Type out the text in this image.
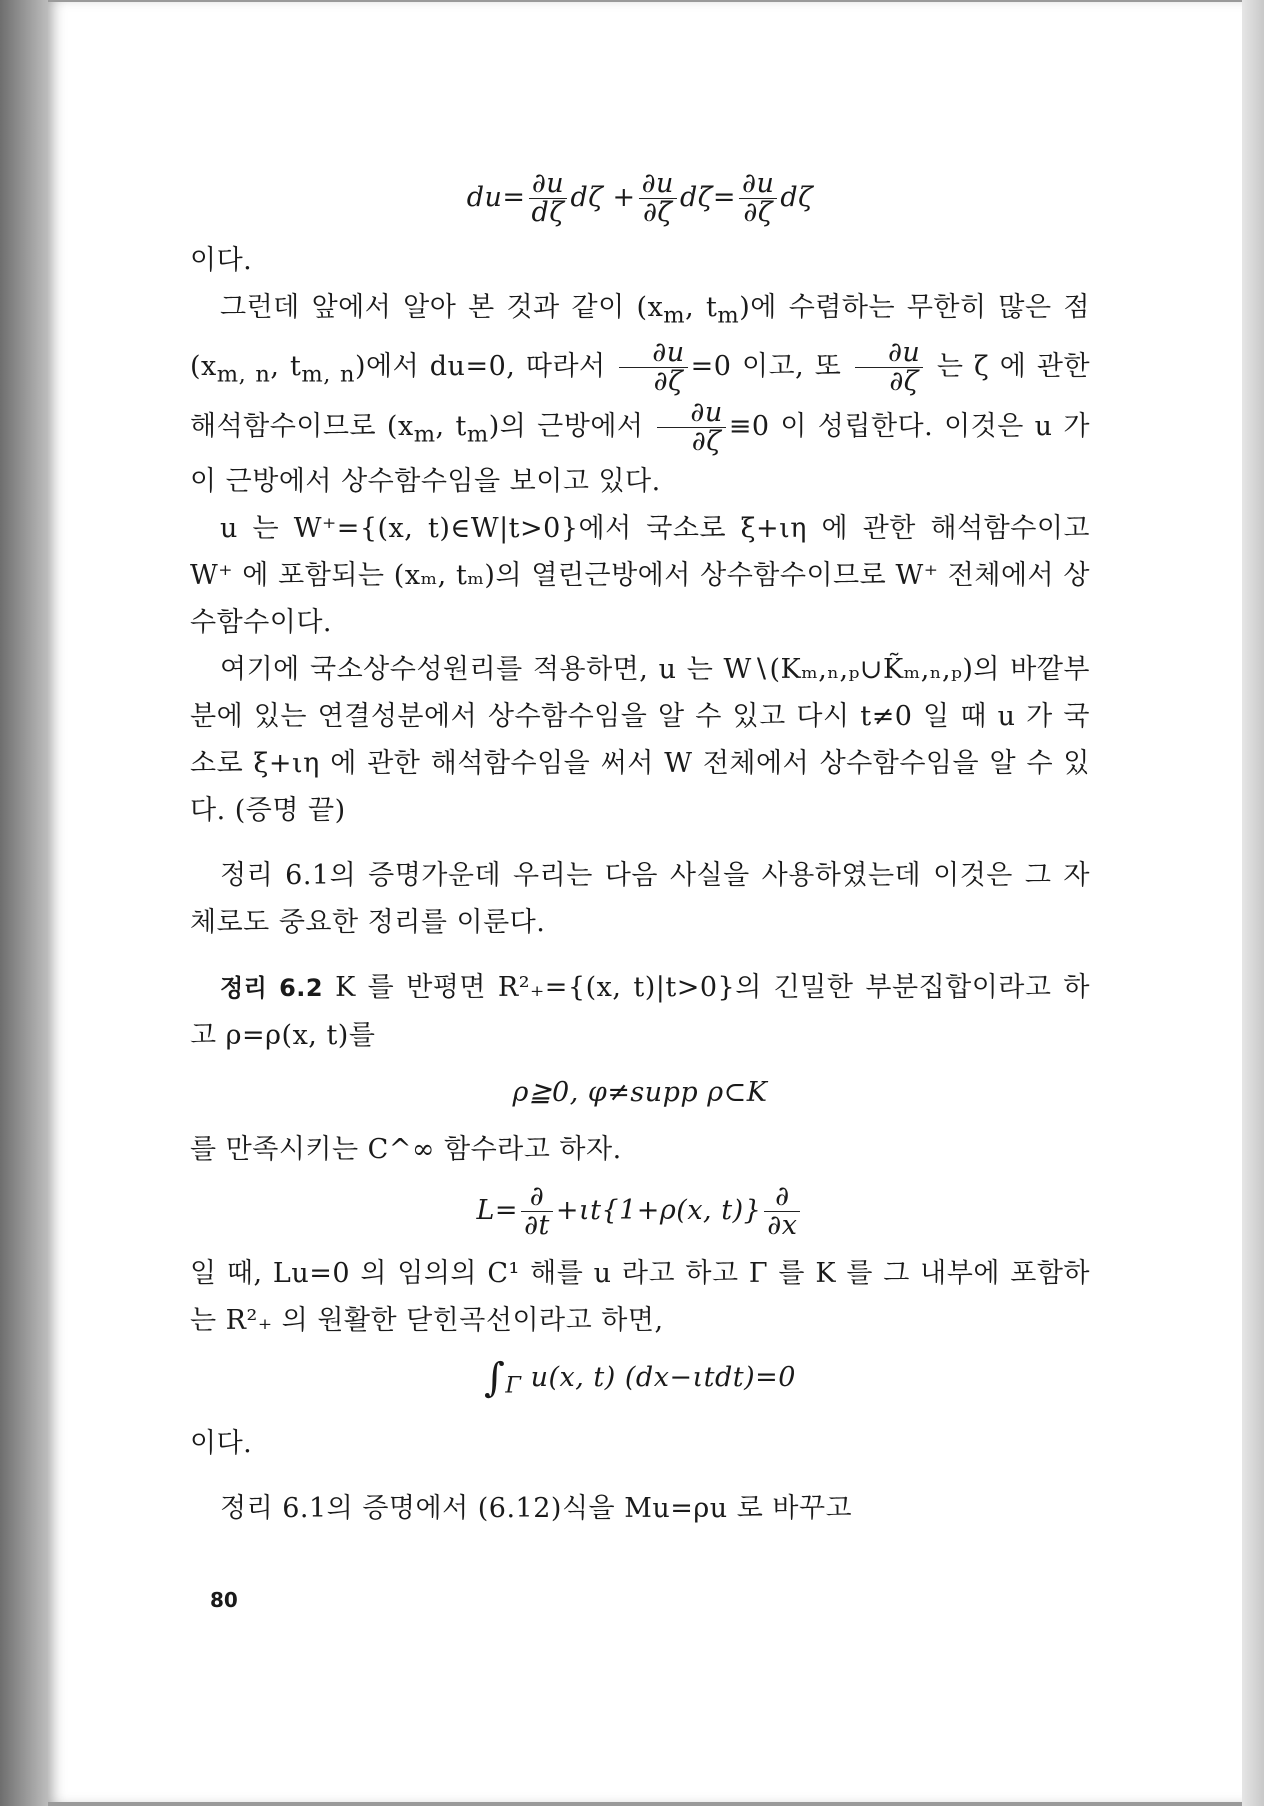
$du= \frac{\partial u}{d\zeta}$ $d\zeta + \frac{\partial u}{\partial\zetā}$ dζ̄= $\frac{\partial u}{\partial\zeta}$ dζ

이다.

그런데 앞에서 알아 본 것과 같이 ($x_m$, $t_m$)에 수렴하는 무한히 많은 점 ($x_{m, n}$, $t_{m, n}$)에서 du=0, 따라서 $\frac{\partial u}{\partial\zeta} =0$ 이고, 또 $\frac{\partial u}{\partial\zeta}$ 는 ζ 에 관한 해석함수이므로 ($x_m$, $t_m$)의 근방에서 $\frac{\partial u}{\partial\zeta} \equiv 0$ 이 성립한다. 이것은 u 가 이 근방에서 상수함수임을 보이고 있다.

u 는 W⁺={(x, t)∈W|t>0}에서 국소로 ξ+ιη 에 관한 해석함수이고 W⁺ 에 포함되는 (xₘ, tₘ)의 열린근방에서 상수함수이므로 W⁺ 전체에서 상수함수이다.

여기에 국소상수성원리를 적용하면, u 는 W∖(Kₘ,ₙ,ₚ∪K̃ₘ,ₙ,ₚ)의 바깥부분에 있는 연결성분에서 상수함수임을 알 수 있고 다시 t≠0 일 때 u 가 국소로 ξ+ιη 에 관한 해석함수임을 써서 W 전체에서 상수함수임을 알 수 있다. (증명 끝)

정리 6.1의 증명가운데 우리는 다음 사실을 사용하였는데 이것은 그 자체로도 중요한 정리를 이룬다.

정리 6.2 K 를 반평면 R²₊={(x, t)|t>0}의 긴밀한 부분집합이라고 하고 ρ=ρ(x, t)를

ρ≧0, φ≠supp ρ⊂K

를 만족시키는 C^∞ 함수라고 하자.

$L= \frac{\partial}{\partial t} +\iota t\{1+\rho(x$, $t)\} \frac{\partial}{\partial x}$

일 때, Lu=0 의 임의의 C¹ 해를 u 라고 하고 Γ 를 K 를 그 내부에 포함하는 R²₊ 의 원활한 닫힌곡선이라고 하면,

$\int_\Gamma$ u(x, t) (dx−ιtdt)=0

이다.

정리 6.1의 증명에서 (6.12)식을 Mu=ρu 로 바꾸고

80
